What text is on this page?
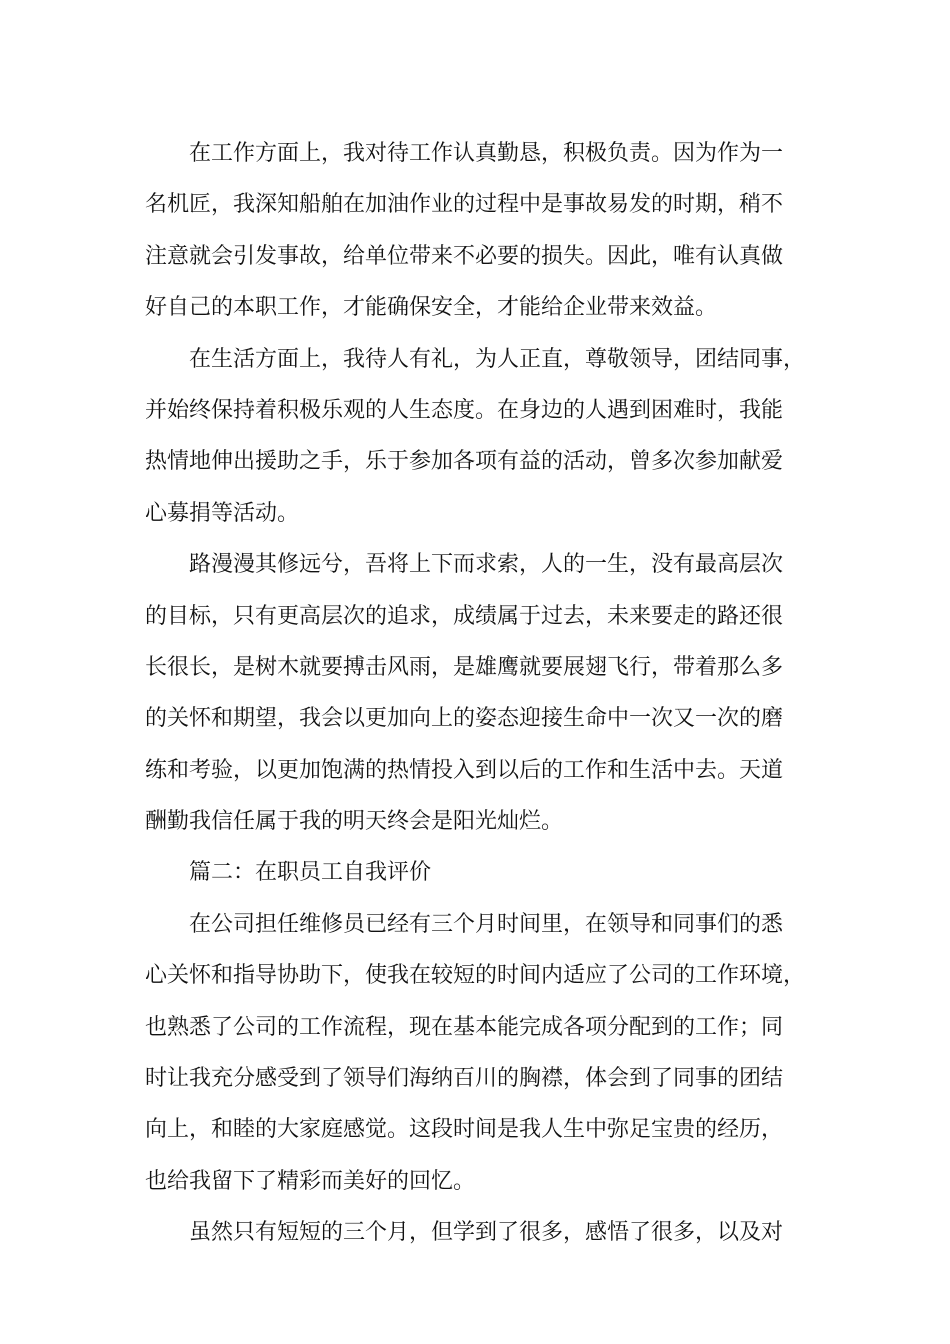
在工作方面上，我对待工作认真勤恳，积极负责。因为作为一
名机匠，我深知船舶在加油作业的过程中是事故易发的时期，稍不
注意就会引发事故，给单位带来不必要的损失。因此，唯有认真做
好自己的本职工作，才能确保安全，才能给企业带来效益。
在生活方面上，我待人有礼，为人正直，尊敬领导，团结同事，
并始终保持着积极乐观的人生态度。在身边的人遇到困难时，我能
热情地伸出援助之手，乐于参加各项有益的活动，曾多次参加献爱
心募捐等活动。
路漫漫其修远兮，吾将上下而求索，人的一生，没有最高层次
的目标，只有更高层次的追求，成绩属于过去，未来要走的路还很
长很长，是树木就要搏击风雨，是雄鹰就要展翅飞行，带着那么多
的关怀和期望，我会以更加向上的姿态迎接生命中一次又一次的磨
练和考验，以更加饱满的热情投入到以后的工作和生活中去。天道
酬勤我信任属于我的明天终会是阳光灿烂。
篇二：在职员工自我评价
在公司担任维修员已经有三个月时间里，在领导和同事们的悉
心关怀和指导协助下，使我在较短的时间内适应了公司的工作环境，
也熟悉了公司的工作流程，现在基本能完成各项分配到的工作；同
时让我充分感受到了领导们海纳百川的胸襟，体会到了同事的团结
向上，和睦的大家庭感觉。这段时间是我人生中弥足宝贵的经历，
也给我留下了精彩而美好的回忆。
虽然只有短短的三个月，但学到了很多，感悟了很多，以及对
